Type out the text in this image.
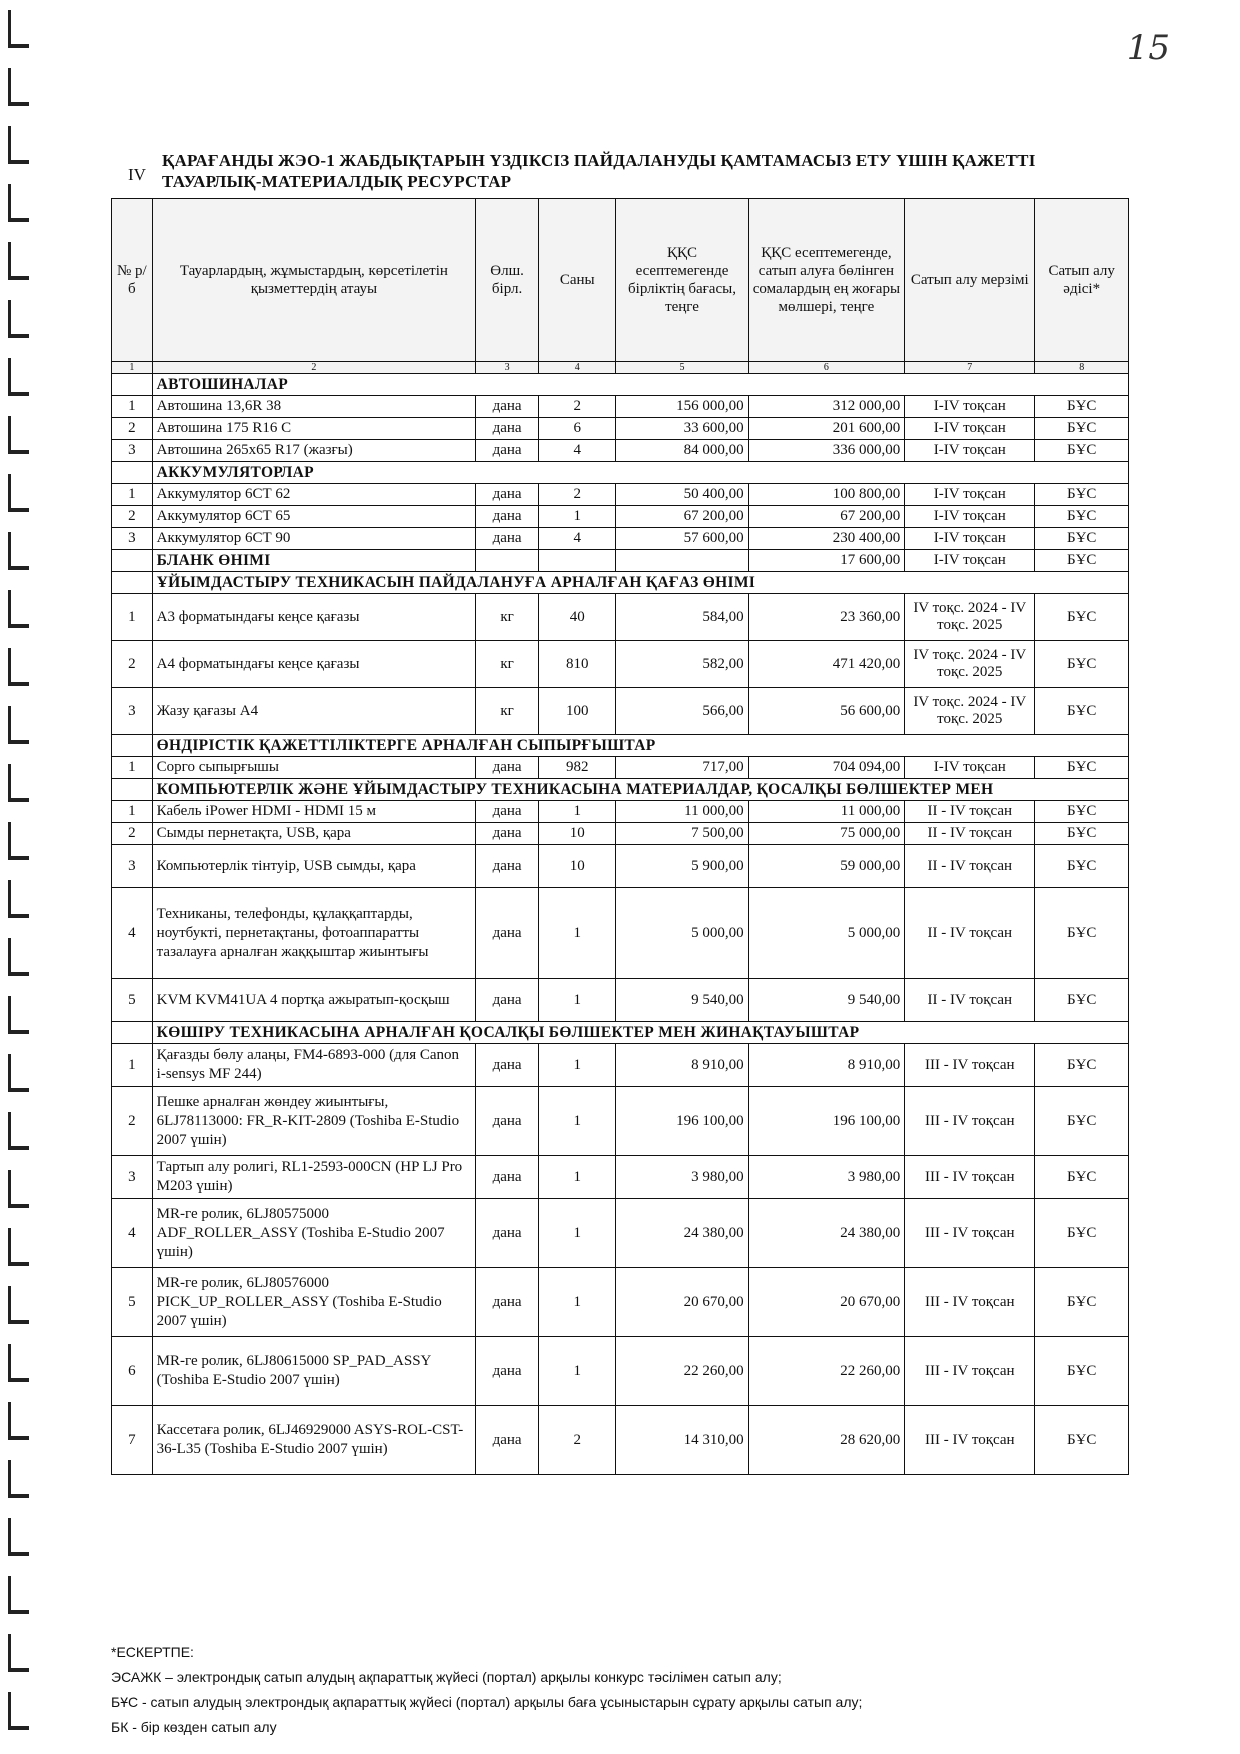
15
IV
ҚАРАҒАНДЫ ЖЭО-1 ЖАБДЫҚТАРЫН ҮЗДІКСІЗ ПАЙДАЛАНУДЫ ҚАМТАМАСЫЗ ЕТУ ҮШІН ҚАЖЕТТІ ТАУАРЛЫҚ-МАТЕРИАЛДЫҚ РЕСУРСТАР
№ р/б	Тауарлардың, жұмыстардың, көрсетілетін қызметтердің атауы	Өлш. бірл.	Саны	ҚҚС есептемегенде бірліктің бағасы, теңге	ҚҚС есептемегенде, сатып алуға бөлінген сомалардың ең жоғары мөлшері, теңге	Сатып алу мерзімі	Сатып алу әдісі*
1	2	3	4	5	6	7	8
	АВТОШИНАЛАР						
1	Автошина 13,6R 38	дана	2	156 000,00	312 000,00	I-IV тоқсан	БҰС
2	Автошина 175 R16 С	дана	6	33 600,00	201 600,00	I-IV тоқсан	БҰС
3	Автошина 265х65 R17 (жазғы)	дана	4	84 000,00	336 000,00	I-IV тоқсан	БҰС
	АККУМУЛЯТОРЛАР						
1	Аккумулятор 6СТ 62	дана	2	50 400,00	100 800,00	I-IV тоқсан	БҰС
2	Аккумулятор 6СТ 65	дана	1	67 200,00	67 200,00	I-IV тоқсан	БҰС
3	Аккумулятор 6СТ 90	дана	4	57 600,00	230 400,00	I-IV тоқсан	БҰС
	БЛАНК ӨНІМІ				17 600,00	I-IV тоқсан	БҰС
	ҰЙЫМДАСТЫРУ ТЕХНИКАСЫН ПАЙДАЛАНУҒА АРНАЛҒАН ҚАҒАЗ ӨНІМІ						
1	А3 форматындағы кеңсе қағазы	кг	40	584,00	23 360,00	IV тоқс. 2024 - IV тоқс. 2025	БҰС
2	А4 форматындағы кеңсе қағазы	кг	810	582,00	471 420,00	IV тоқс. 2024 - IV тоқс. 2025	БҰС
3	Жазу қағазы А4	кг	100	566,00	56 600,00	IV тоқс. 2024 - IV тоқс. 2025	БҰС
	ӨНДІРІСТІК ҚАЖЕТТІЛІКТЕРГЕ АРНАЛҒАН СЫПЫРҒЫШТАР						
1	Сорго сыпырғышы	дана	982	717,00	704 094,00	I-IV тоқсан	БҰС
	КОМПЬЮТЕРЛІК ЖӘНЕ ҰЙЫМДАСТЫРУ ТЕХНИКАСЫНА МАТЕРИАЛДАР, ҚОСАЛҚЫ БӨЛШЕКТЕР МЕН						
1	Кабель iPower HDMI - HDMI 15 м	дана	1	11 000,00	11 000,00	II - IV тоқсан	БҰС
2	Сымды пернетақта, USB, қара	дана	10	7 500,00	75 000,00	II - IV тоқсан	БҰС
3	Компьютерлік тінтуір, USB сымды, қара	дана	10	5 900,00	59 000,00	II - IV тоқсан	БҰС
4	Техниканы, телефонды, құлаққаптарды, ноутбукті, пернетақтаны, фотоаппаратты тазалауға арналған жаққыштар жиынтығы	дана	1	5 000,00	5 000,00	II - IV тоқсан	БҰС
5	KVM KVM41UA 4 портқа ажыратып-қосқыш	дана	1	9 540,00	9 540,00	II - IV тоқсан	БҰС
	КӨШІРУ ТЕХНИКАСЫНА АРНАЛҒАН ҚОСАЛҚЫ БӨЛШЕКТЕР МЕН ЖИНАҚТАУЫШТАР						
1	Қағазды бөлу алаңы, FM4-6893-000 (для Canon i-sensys MF 244)	дана	1	8 910,00	8 910,00	III - IV тоқсан	БҰС
2	Пешке арналған жөндеу жиынтығы, 6LJ78113000: FR_R-KIT-2809 (Toshiba E-Studio 2007 үшін)	дана	1	196 100,00	196 100,00	III - IV тоқсан	БҰС
3	Тартып алу ролигі, RL1-2593-000CN (HP LJ Pro M203 үшін)	дана	1	3 980,00	3 980,00	III - IV тоқсан	БҰС
4	MR-ге ролик, 6LJ80575000 ADF_ROLLER_ASSY (Toshiba E-Studio 2007 үшін)	дана	1	24 380,00	24 380,00	III - IV тоқсан	БҰС
5	MR-ге ролик, 6LJ80576000 PICK_UP_ROLLER_ASSY (Toshiba E-Studio 2007 үшін)	дана	1	20 670,00	20 670,00	III - IV тоқсан	БҰС
6	MR-ге ролик, 6LJ80615000 SP_PAD_ASSY (Toshiba E-Studio 2007 үшін)	дана	1	22 260,00	22 260,00	III - IV тоқсан	БҰС
7	Кассетаға ролик, 6LJ46929000 ASYS-ROL-CST-36-L35 (Toshiba E-Studio 2007 үшін)	дана	2	14 310,00	28 620,00	III - IV тоқсан	БҰС
*ЕСКЕРТПЕ:
ЭСАЖК – электрондық сатып алудың ақпараттық жүйесі (портал) арқылы конкурс тәсілімен сатып алу;
БҰС - сатып алудың электрондық ақпараттық жүйесі (портал) арқылы баға ұсыныстарын сұрату арқылы сатып алу;
БК - бір көзден сатып алу
